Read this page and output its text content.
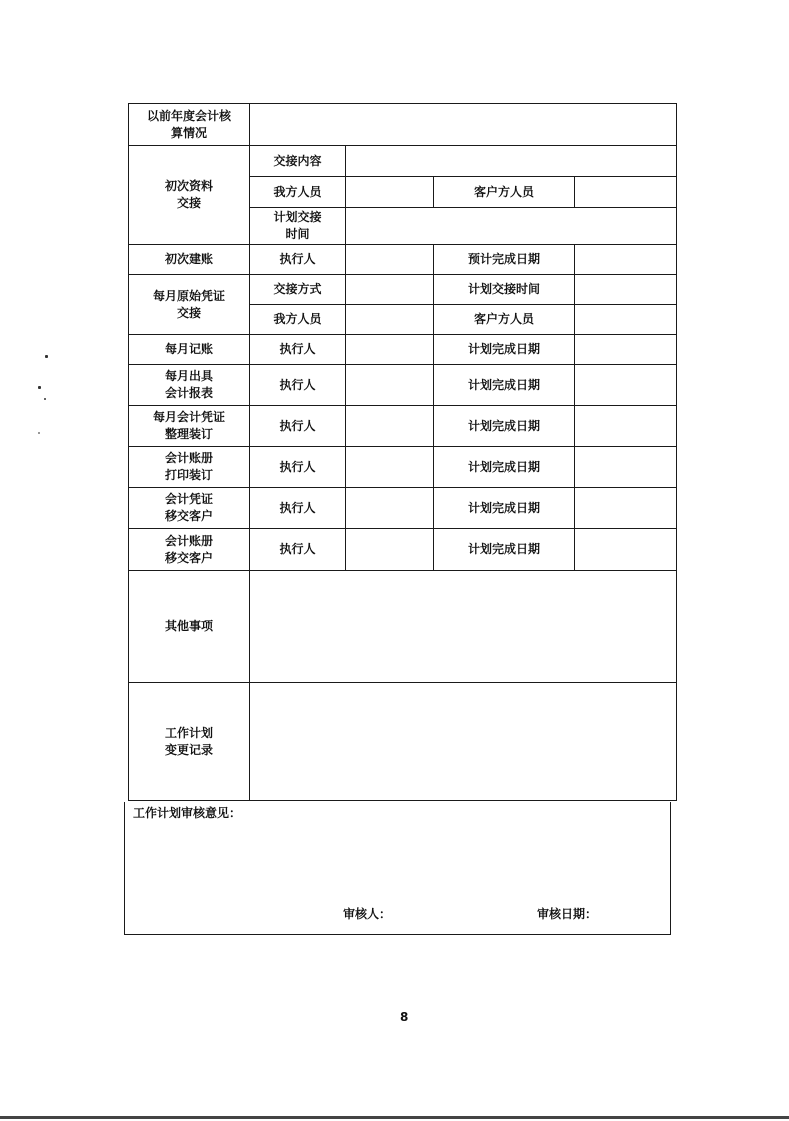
以前年度会计核
算情况				
初次资料
交接	交接内容			
	我方人员		客户方人员	
	计划交接
时间			
初次建账	执行人		预计完成日期	
每月原始凭证
交接	交接方式		计划交接时间	
	我方人员		客户方人员	
每月记账	执行人		计划完成日期	
每月出具
会计报表	执行人		计划完成日期	
每月会计凭证
整理装订	执行人		计划完成日期	
会计账册
打印装订	执行人		计划完成日期	
会计凭证
移交客户	执行人		计划完成日期	
会计账册
移交客户	执行人		计划完成日期	
其他事项				
工作计划
变更记录				
工作计划审核意见：
审核人：	审核日期：
8
